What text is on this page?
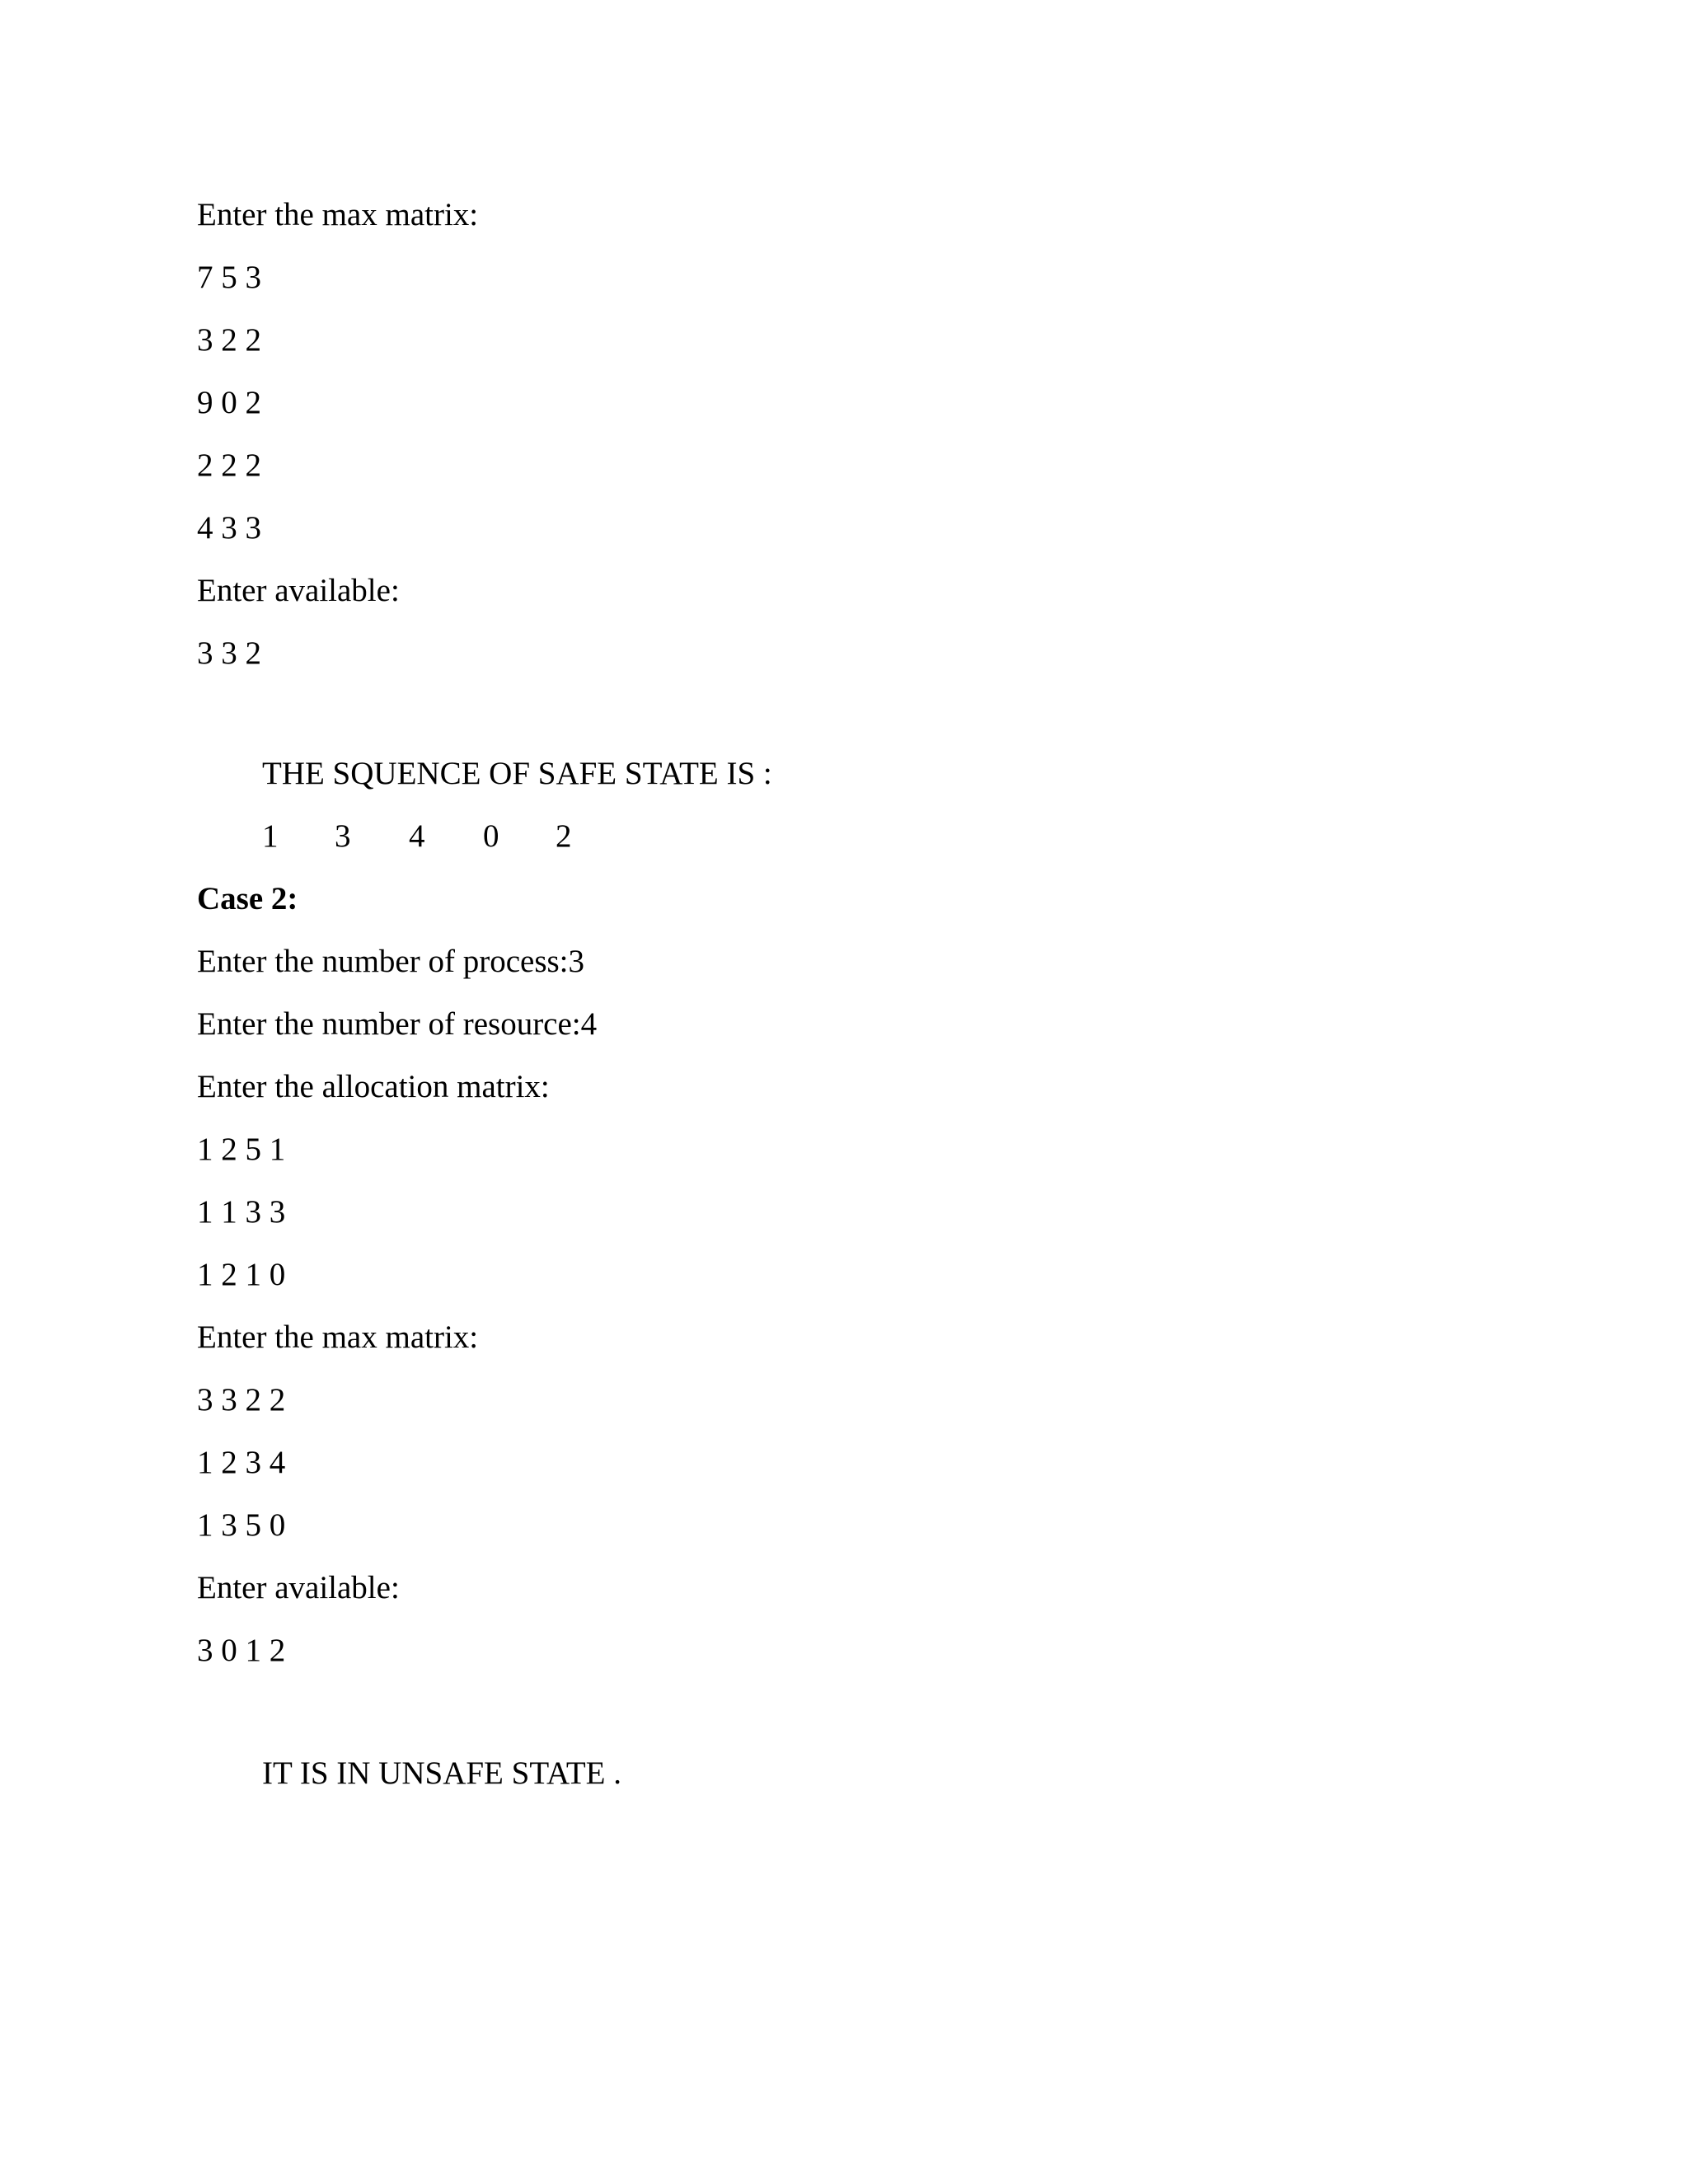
Enter the max matrix:
7 5 3
3 2 2
9 0 2
2 2 2
4 3 3
Enter available:
3 3 2
THE SQUENCE OF SAFE STATE IS :
1 3 4 0 2
Case 2:
Enter the number of process:3
Enter the number of resource:4
Enter the allocation matrix:
1 2 5 1
1 1 3 3
1 2 1 0
Enter the max matrix:
3 3 2 2
1 2 3 4
1 3 5 0
Enter available:
3 0 1 2
IT IS IN UNSAFE STATE .
